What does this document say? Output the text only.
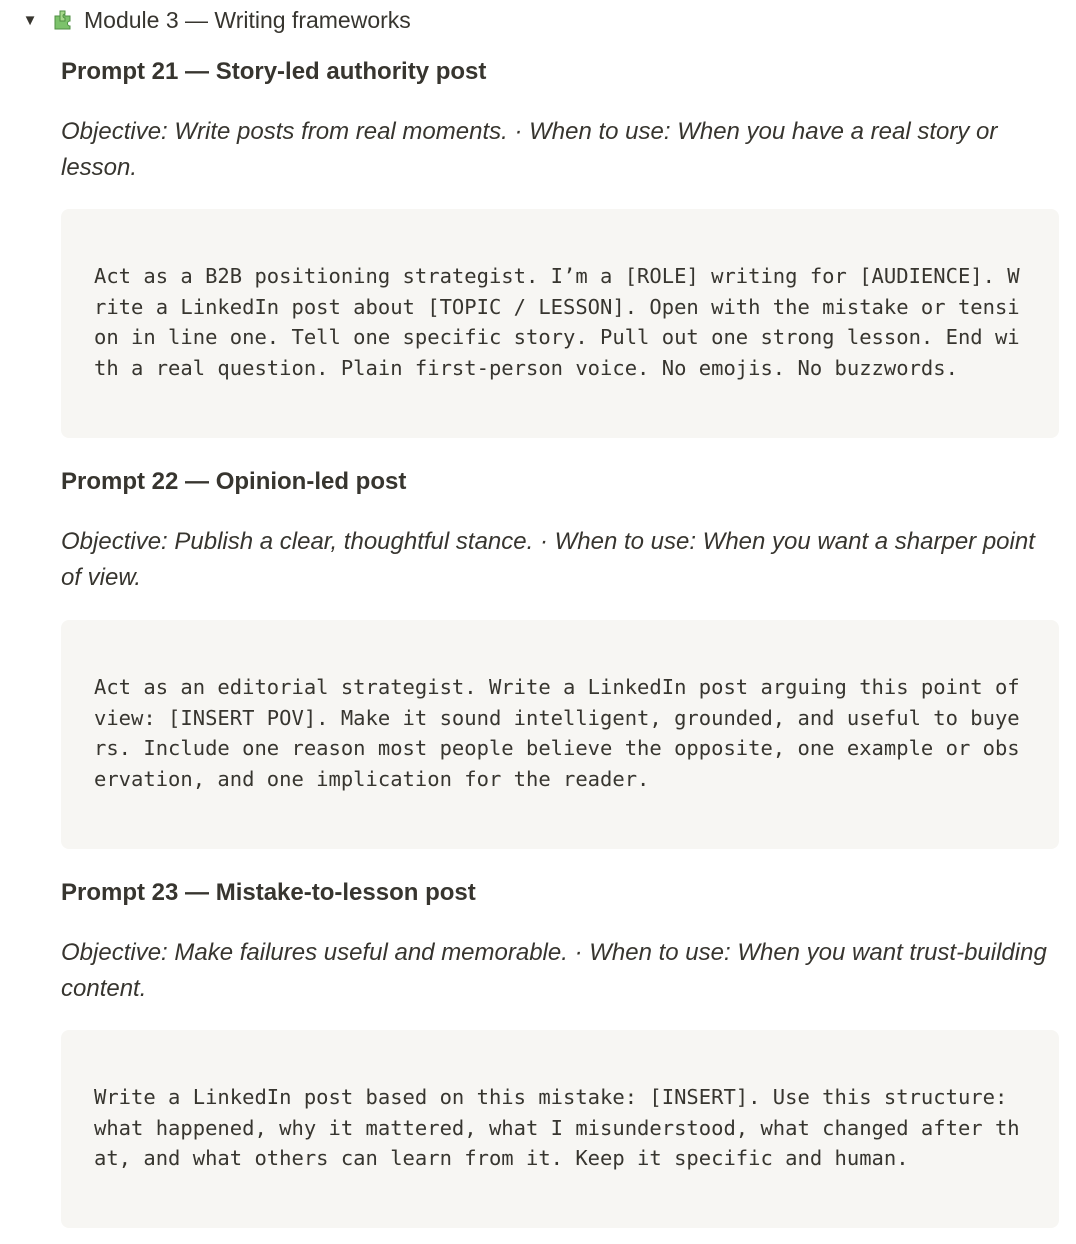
▼ Module 3 — Writing frameworks
Prompt 21 — Story-led authority post

Objective: Write posts from real moments. · When to use: When you have a real story or lesson.

Act as a B2B positioning strategist. I’m a [ROLE] writing for [AUDIENCE]. Write a LinkedIn post about [TOPIC / LESSON]. Open with the mistake or tension in line one. Tell one specific story. Pull out one strong lesson. End with a real question. Plain first-person voice. No emojis. No buzzwords.
Prompt 22 — Opinion-led post

Objective: Publish a clear, thoughtful stance. · When to use: When you want a sharper point of view.

Act as an editorial strategist. Write a LinkedIn post arguing this point of view: [INSERT POV]. Make it sound intelligent, grounded, and useful to buyers. Include one reason most people believe the opposite, one example or observation, and one implication for the reader.
Prompt 23 — Mistake-to-lesson post

Objective: Make failures useful and memorable. · When to use: When you want trust-building content.

Write a LinkedIn post based on this mistake: [INSERT]. Use this structure: what happened, why it mattered, what I misunderstood, what changed after that, and what others can learn from it. Keep it specific and human.
